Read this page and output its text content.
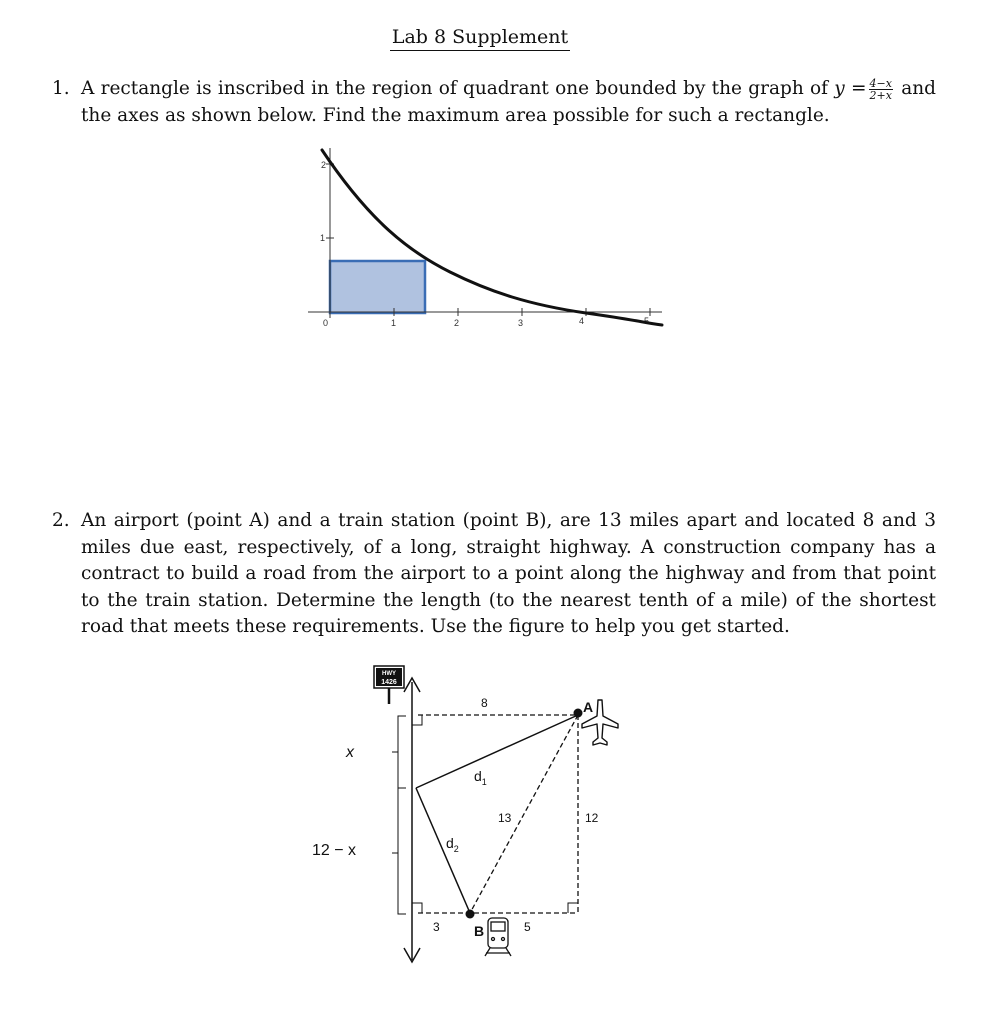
Lab 8 Supplement
1. A rectangle is inscribed in the region of quadrant one bounded by the graph of $y = \frac{4-x}{2+x}$ and the axes as shown below. Find the maximum area possible for such a rectangle.
0	1	2	3	4	5
1
2
2. An airport (point A) and a train station (point B), are 13 miles apart and located 8 and 3 miles due east, respectively, of a long, straight highway. A construction company has a contract to build a road from the airport to a point along the highway and from that point to the train station. Determine the length (to the nearest tenth of a mile) of the shortest road that meets these requirements. Use the figure to help you get started.
HWY
1426
x
12 − x
8
$d_1$
13	12
$d_2$
3	5
A
B
